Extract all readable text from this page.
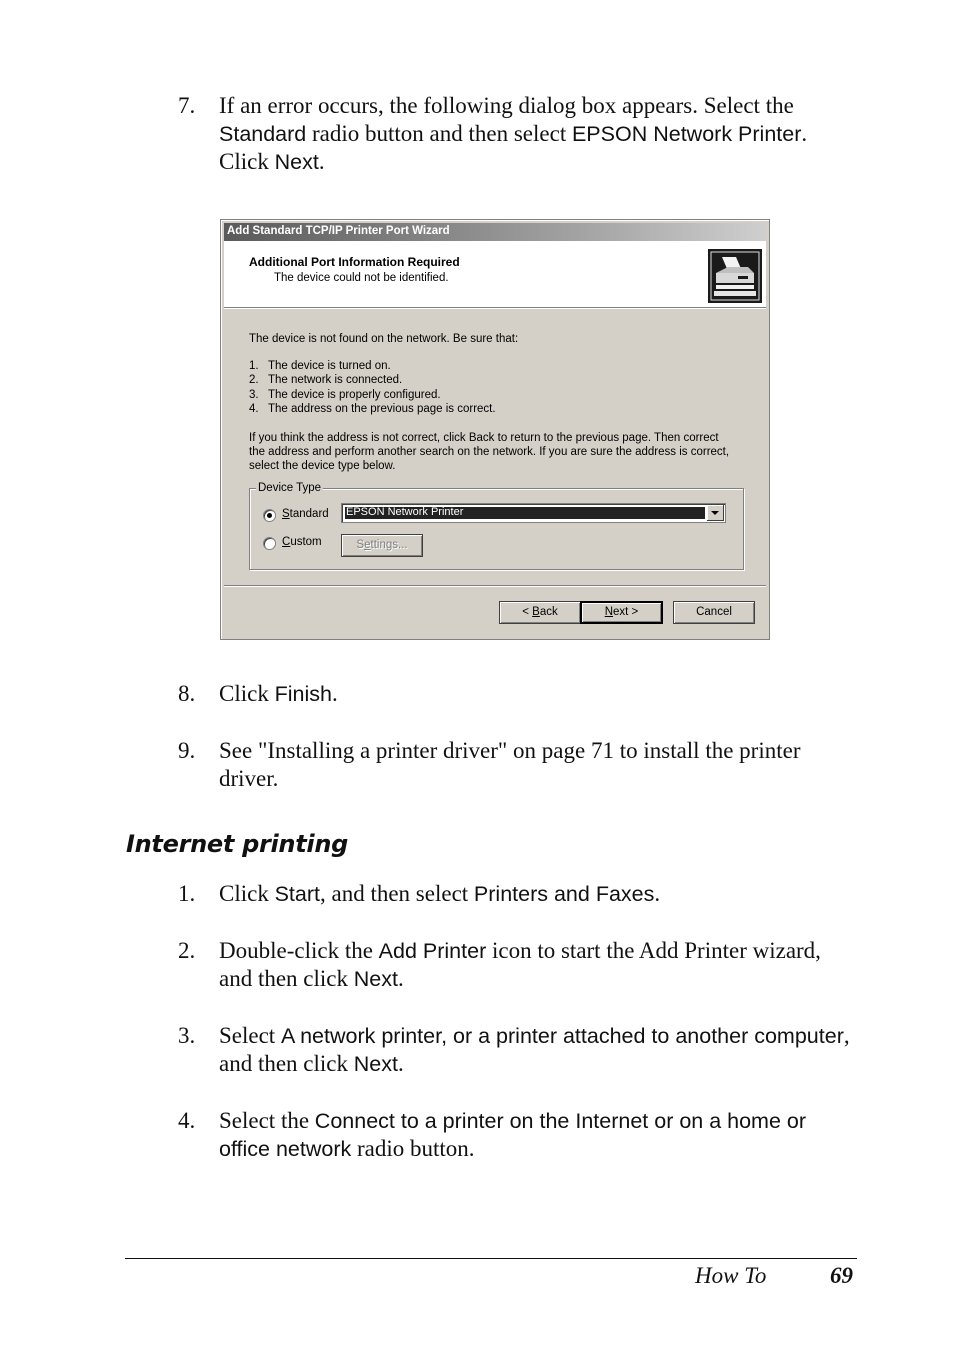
7. If an error occurs, the following dialog box appears. Select the Standard radio button and then select EPSON Network Printer. Click Next.
Add Standard TCP/IP Printer Port Wizard
Additional Port Information Required
The device could not be identified.
The device is not found on the network. Be sure that:
1. The device is turned on.
2. The network is connected.
3. The device is properly configured.
4. The address on the previous page is correct.
If you think the address is not correct, click Back to return to the previous page. Then correct
the address and perform another search on the network. If you are sure the address is correct,
select the device type below.
Device Type
Standard EPSON Network Printer
Custom	Settings...
< Back	Next >	Cancel
8. Click Finish.
9. See "Installing a printer driver" on page 71 to install the printer driver.
Internet printing
1. Click Start, and then select Printers and Faxes.
2. Double-click the Add Printer icon to start the Add Printer wizard, and then click Next.
3. Select A network printer, or a printer attached to another computer, and then click Next.
4. Select the Connect to a printer on the Internet or on a home or office network radio button.
How To	69
